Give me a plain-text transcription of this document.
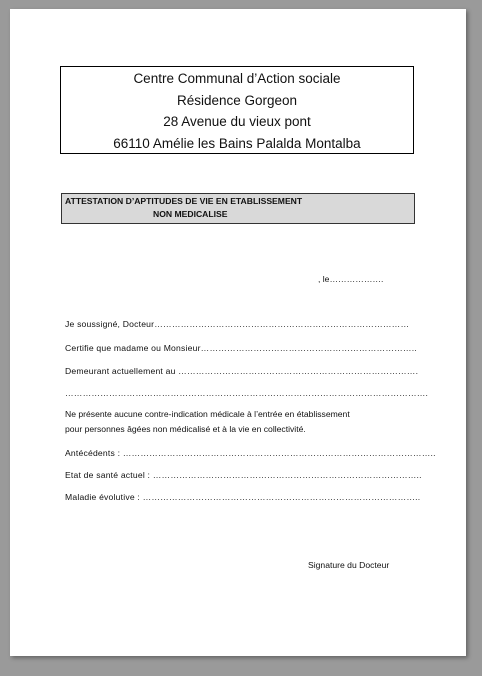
Centre Communal d’Action sociale
Résidence Gorgeon
28 Avenue du vieux pont
66110 Amélie les Bains Palalda Montalba
ATTESTATION D’APTITUDES DE VIE EN ETABLISSEMENT
NON MEDICALISE
, le……………….
Je soussigné, Docteur……………………………………………………………………………
Certifie que madame ou Monsieur………………………………………………………………..
Demeurant actuellement au ……………………………………………………………………….
…………………………………………………………………………………………………………….
Ne présente aucune contre-indication médicale à l’entrée en établissement
pour personnes âgées non médicalisé et à la vie en collectivité.
Antécédents : ……………………………………………………………………………………………..
Etat de santé actuel : ………………………………………………………………………………..
Maladie évolutive : …………………………………………………………………………………..
Signature du Docteur
